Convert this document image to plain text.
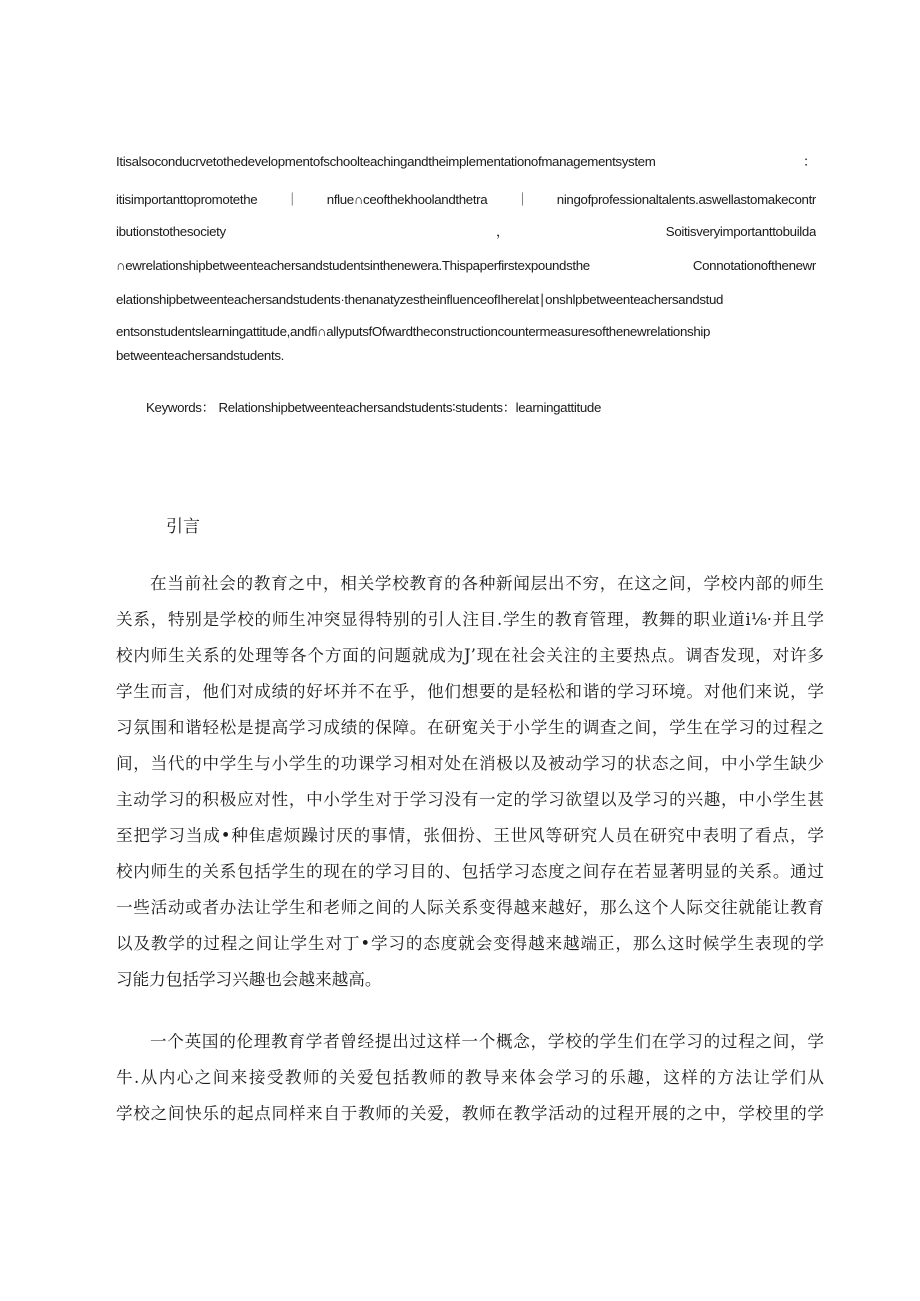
Itisalsoconducrvetothedevelopmentofschoolteachingandtheimplementationofmanagementsystem：
itisimportanttopromotethe｜nflue∩ceofthekhoolandthetra｜ningofprofessionaltalents.aswellastomakecontr
ibutionstothesociety	，	Soitisveryimportanttobuilda
∩ewrelationshipbetweenteachersandstudentsinthenewera.Thispaperfirstexpoundsthe Connotationofthenewr
elationshipbetweenteachersandstudents·thenanatyzestheinfluenceofIherelat∣onshlpbetweenteachersandstud
entsonstudentslearningattitude,andfi∩allyputsfOfwardtheconstructioncountermeasuresofthenewrelationship
betweenteachersandstudents.
Keywords： Relationshipbetweenteachersandstudents∶students：learningattitude
引言
在当前社会的教育之中，相关学校教育的各种新闻层出不穷，在这之间，学校内部的师生
关系，特别是学校的师生冲突显得特别的引人注目.学生的教育管理，教舞的职业道i⅛·并且学
校内师生关系的处理等各个方面的问题就成为J’现在社会关注的主要热点。调杳发现，对许多
学生而言，他们对成绩的好坏并不在乎，他们想要的是轻松和谐的学习环境。对他们来说，学
习氛围和谐轻松是提高学习成绩的保障。在研寃关于小学生的调查之间，学生在学习的过程之
间，当代的中学生与小学生的功课学习相对处在消极以及被动学习的状态之间，中小学生缺少
主动学习的积极应对性，中小学生对于学习没有一定的学习欲望以及学习的兴趣，中小学生甚
至把学习当成•种隹虐烦躁讨厌的事情，张佃扮、王世风等研究人员在研究中表明了看点，学
校内师生的关系包括学生的现在的学习目的、包括学习态度之间存在若显著明显的关系。通过
一些活动或者办法让学生和老师之间的人际关系变得越来越好，那么这个人际交往就能让教育
以及教学的过程之间让学生对丁•学习的态度就会变得越来越端正，那么这时候学生表现的学
习能力包括学习兴趣也会越来越高。
一个英国的伦理教育学者曾经提出过这样一个概念，学校的学生们在学习的过程之间，学
牛.从内心之间来接受教师的关爱包括教师的教导来体会学习的乐趣，这样的方法让学们从
学校之间快乐的起点同样来自于教师的关爱，教师在教学活动的过程开展的之中，学校里的学
